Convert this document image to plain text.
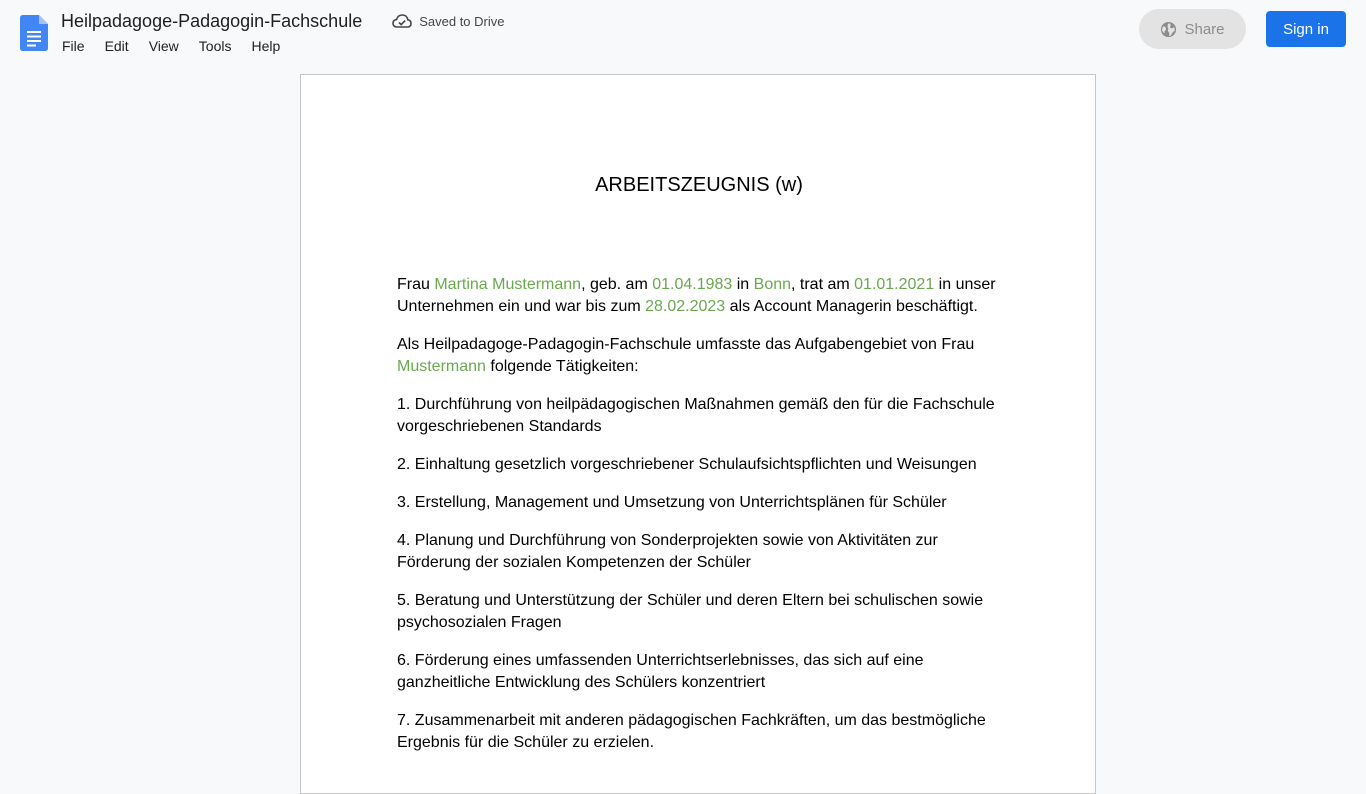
Heilpadagoge-Padagogin-Fachschule	Saved to Drive
File Edit View Tools Help
Share	Sign in
ARBEITSZEUGNIS (w)

Frau Martina Mustermann, geb. am 01.04.1983 in Bonn, trat am 01.01.2021 in unser Unternehmen ein und war bis zum 28.02.2023 als Account Managerin beschäftigt.

Als Heilpadagoge-Padagogin-Fachschule umfasste das Aufgabengebiet von Frau Mustermann folgende Tätigkeiten:

1. Durchführung von heilpädagogischen Maßnahmen gemäß den für die Fachschule vorgeschriebenen Standards

2. Einhaltung gesetzlich vorgeschriebener Schulaufsichtspflichten und Weisungen

3. Erstellung, Management und Umsetzung von Unterrichtsplänen für Schüler

4. Planung und Durchführung von Sonderprojekten sowie von Aktivitäten zur Förderung der sozialen Kompetenzen der Schüler

5. Beratung und Unterstützung der Schüler und deren Eltern bei schulischen sowie psychosozialen Fragen

6. Förderung eines umfassenden Unterrichtserlebnisses, das sich auf eine ganzheitliche Entwicklung des Schülers konzentriert

7. Zusammenarbeit mit anderen pädagogischen Fachkräften, um das bestmögliche Ergebnis für die Schüler zu erzielen.
